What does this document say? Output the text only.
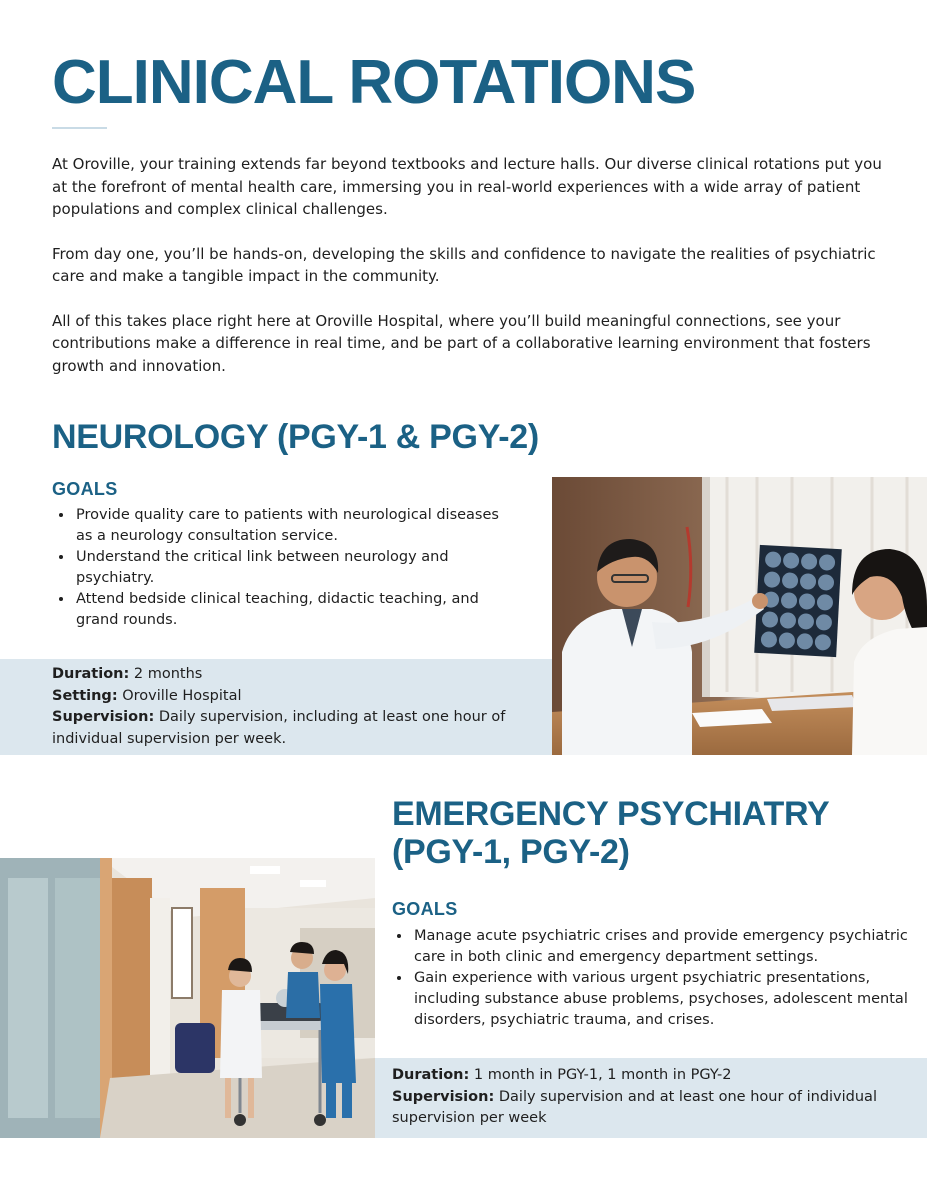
CLINICAL ROTATIONS

At Oroville, your training extends far beyond textbooks and lecture halls. Our diverse clinical rotations put you at the forefront of mental health care, immersing you in real-world experiences with a wide array of patient populations and complex clinical challenges.

From day one, you’ll be hands-on, developing the skills and confidence to navigate the realities of psychiatric care and make a tangible impact in the community.

All of this takes place right here at Oroville Hospital, where you’ll build meaningful connections, see your contributions make a difference in real time, and be part of a collaborative learning environment that fosters growth and innovation.

NEUROLOGY (PGY-1 & PGY-2)
GOALS
• Provide quality care to patients with neurological diseases as a neurology consultation service.
• Understand the critical link between neurology and psychiatry.
• Attend bedside clinical teaching, didactic teaching, and grand rounds.
Duration: 2 months
Setting: Oroville Hospital
Supervision: Daily supervision, including at least one hour of individual supervision per week.
EMERGENCY PSYCHIATRY
(PGY-1, PGY-2)
GOALS
• Manage acute psychiatric crises and provide emergency psychiatric care in both clinic and emergency department settings.
• Gain experience with various urgent psychiatric presentations, including substance abuse problems, psychoses, adolescent mental disorders, psychiatric trauma, and crises.
Duration: 1 month in PGY-1, 1 month in PGY-2
Supervision: Daily supervision and at least one hour of individual supervision per week
